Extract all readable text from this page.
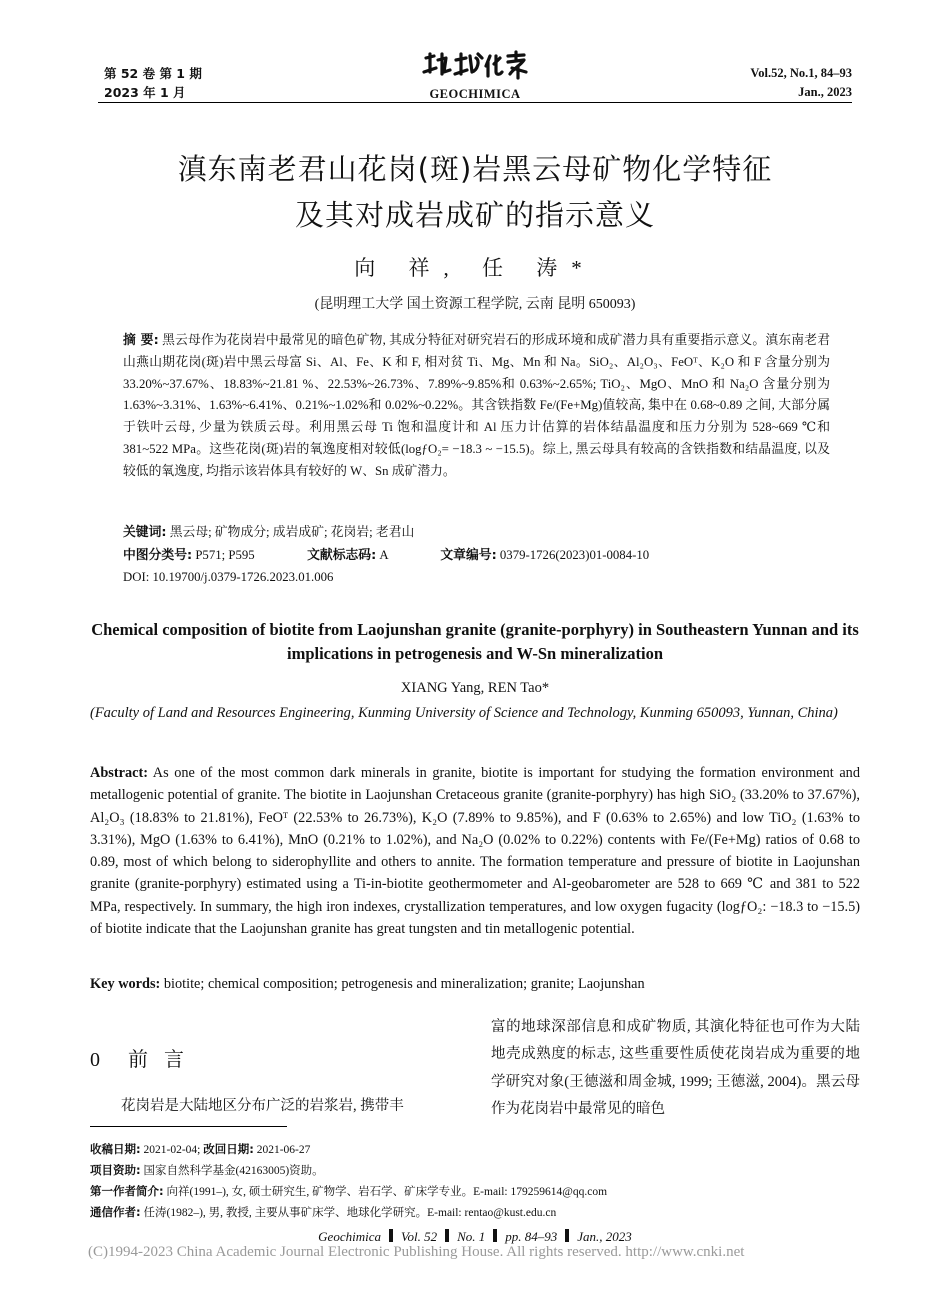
第 52 卷 第 1 期
2023 年 1 月	GEOCHIMICA
Vol.52, No.1, 84–93
Jan., 2023
滇东南老君山花岗(斑)岩黑云母矿物化学特征
及其对成岩成矿的指示意义
向 祥, 任 涛*
(昆明理工大学 国土资源工程学院, 云南 昆明 650093)
摘 要: 黑云母作为花岗岩中最常见的暗色矿物, 其成分特征对研究岩石的形成环境和成矿潜力具有重要指示意义。滇东南老君山燕山期花岗(斑)岩中黑云母富 Si、Al、Fe、K 和 F, 相对贫 Ti、Mg、Mn 和 Na。SiO₂、Al₂O₃、FeOᵀ、K₂O 和 F 含量分别为 33.20%~37.67%、18.83%~21.81 %、22.53%~26.73%、7.89%~9.85%和 0.63%~2.65%; TiO₂、MgO、MnO 和 Na₂O 含量分别为 1.63%~3.31%、1.63%~6.41%、0.21%~1.02%和 0.02%~0.22%。其含铁指数 Fe/(Fe+Mg)值较高, 集中在 0.68~0.89 之间, 大部分属于铁叶云母, 少量为铁质云母。利用黑云母 Ti 饱和温度计和 Al 压力计估算的岩体结晶温度和压力分别为 528~669 ℃和 381~522 MPa。这些花岗(斑)岩的氧逸度相对较低(logƒO₂= −18.3 ~ −15.5)。综上, 黑云母具有较高的含铁指数和结晶温度, 以及较低的氧逸度, 均指示该岩体具有较好的 W、Sn 成矿潜力。
关键词: 黑云母; 矿物成分; 成岩成矿; 花岗岩; 老君山
中图分类号: P571; P595	文献标志码: A	文章编号: 0379-1726(2023)01-0084-10
DOI: 10.19700/j.0379-1726.2023.01.006
Chemical composition of biotite from Laojunshan granite (granite-porphyry) in Southeastern Yunnan and its implications in petrogenesis and W-Sn mineralization
XIANG Yang, REN Tao*
(Faculty of Land and Resources Engineering, Kunming University of Science and Technology, Kunming 650093, Yunnan, China)
Abstract: As one of the most common dark minerals in granite, biotite is important for studying the formation environment and metallogenic potential of granite. The biotite in Laojunshan Cretaceous granite (granite-porphyry) has high SiO₂ (33.20% to 37.67%), Al₂O₃ (18.83% to 21.81%), FeOᵀ (22.53% to 26.73%), K₂O (7.89% to 9.85%), and F (0.63% to 2.65%) and low TiO₂ (1.63% to 3.31%), MgO (1.63% to 6.41%), MnO (0.21% to 1.02%), and Na₂O (0.02% to 0.22%) contents with Fe/(Fe+Mg) ratios of 0.68 to 0.89, most of which belong to siderophyllite and others to annite. The formation temperature and pressure of biotite in Laojunshan granite (granite-porphyry) estimated using a Ti-in-biotite geothermometer and Al-geobarometer are 528 to 669 ℃ and 381 to 522 MPa, respectively. In summary, the high iron indexes, crystallization temperatures, and low oxygen fugacity (logƒO₂: −18.3 to −15.5) of biotite indicate that the Laojunshan granite has great tungsten and tin metallogenic potential.
Key words: biotite; chemical composition; petrogenesis and mineralization; granite; Laojunshan
0 前言
花岗岩是大陆地区分布广泛的岩浆岩, 携带丰
富的地球深部信息和成矿物质, 其演化特征也可作为大陆地壳成熟度的标志, 这些重要性质使花岗岩成为重要的地学研究对象(王德滋和周金城, 1999; 王德滋, 2004)。黑云母作为花岗岩中最常见的暗色
收稿日期: 2021-02-04; 改回日期: 2021-06-27
项目资助: 国家自然科学基金(42163005)资助。
第一作者简介: 向祥(1991–), 女, 硕士研究生, 矿物学、岩石学、矿床学专业。E-mail: 179259614@qq.com
通信作者: 任涛(1982–), 男, 教授, 主要从事矿床学、地球化学研究。E-mail: rentao@kust.edu.cn
Geochimica Vol. 52 No. 1 pp. 84–93 Jan., 2023
(C)1994-2023 China Academic Journal Electronic Publishing House. All rights reserved. http://www.cnki.net
